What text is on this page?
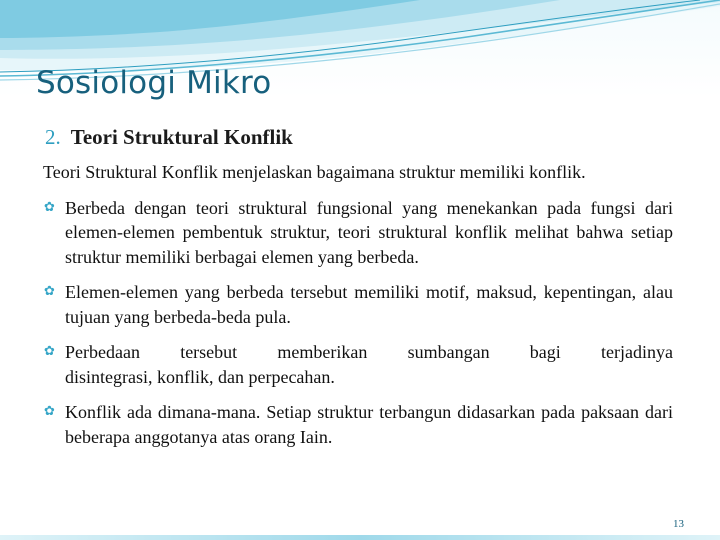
Sosiologi Mikro
2. Teori Struktural Konflik

Teori Struktural Konflik menjelaskan bagaimana struktur memiliki konflik.

✿ Berbeda dengan teori struktural fungsional yang menekankan pada fungsi dari elemen-elemen pembentuk struktur, teori struktural konflik melihat bahwa setiap struktur memiliki berbagai elemen yang berbeda.
✿ Elemen-elemen yang berbeda tersebut memiliki motif, maksud, kepentingan, alau tujuan yang berbeda-beda pula.
✿ Perbedaan tersebut memberikan sumbangan bagi terjadinya
disintegrasi, konflik, dan perpecahan.
✿ Konflik ada dimana-mana. Setiap struktur terbangun didasarkan pada paksaan dari beberapa anggotanya atas orang Iain.
13
